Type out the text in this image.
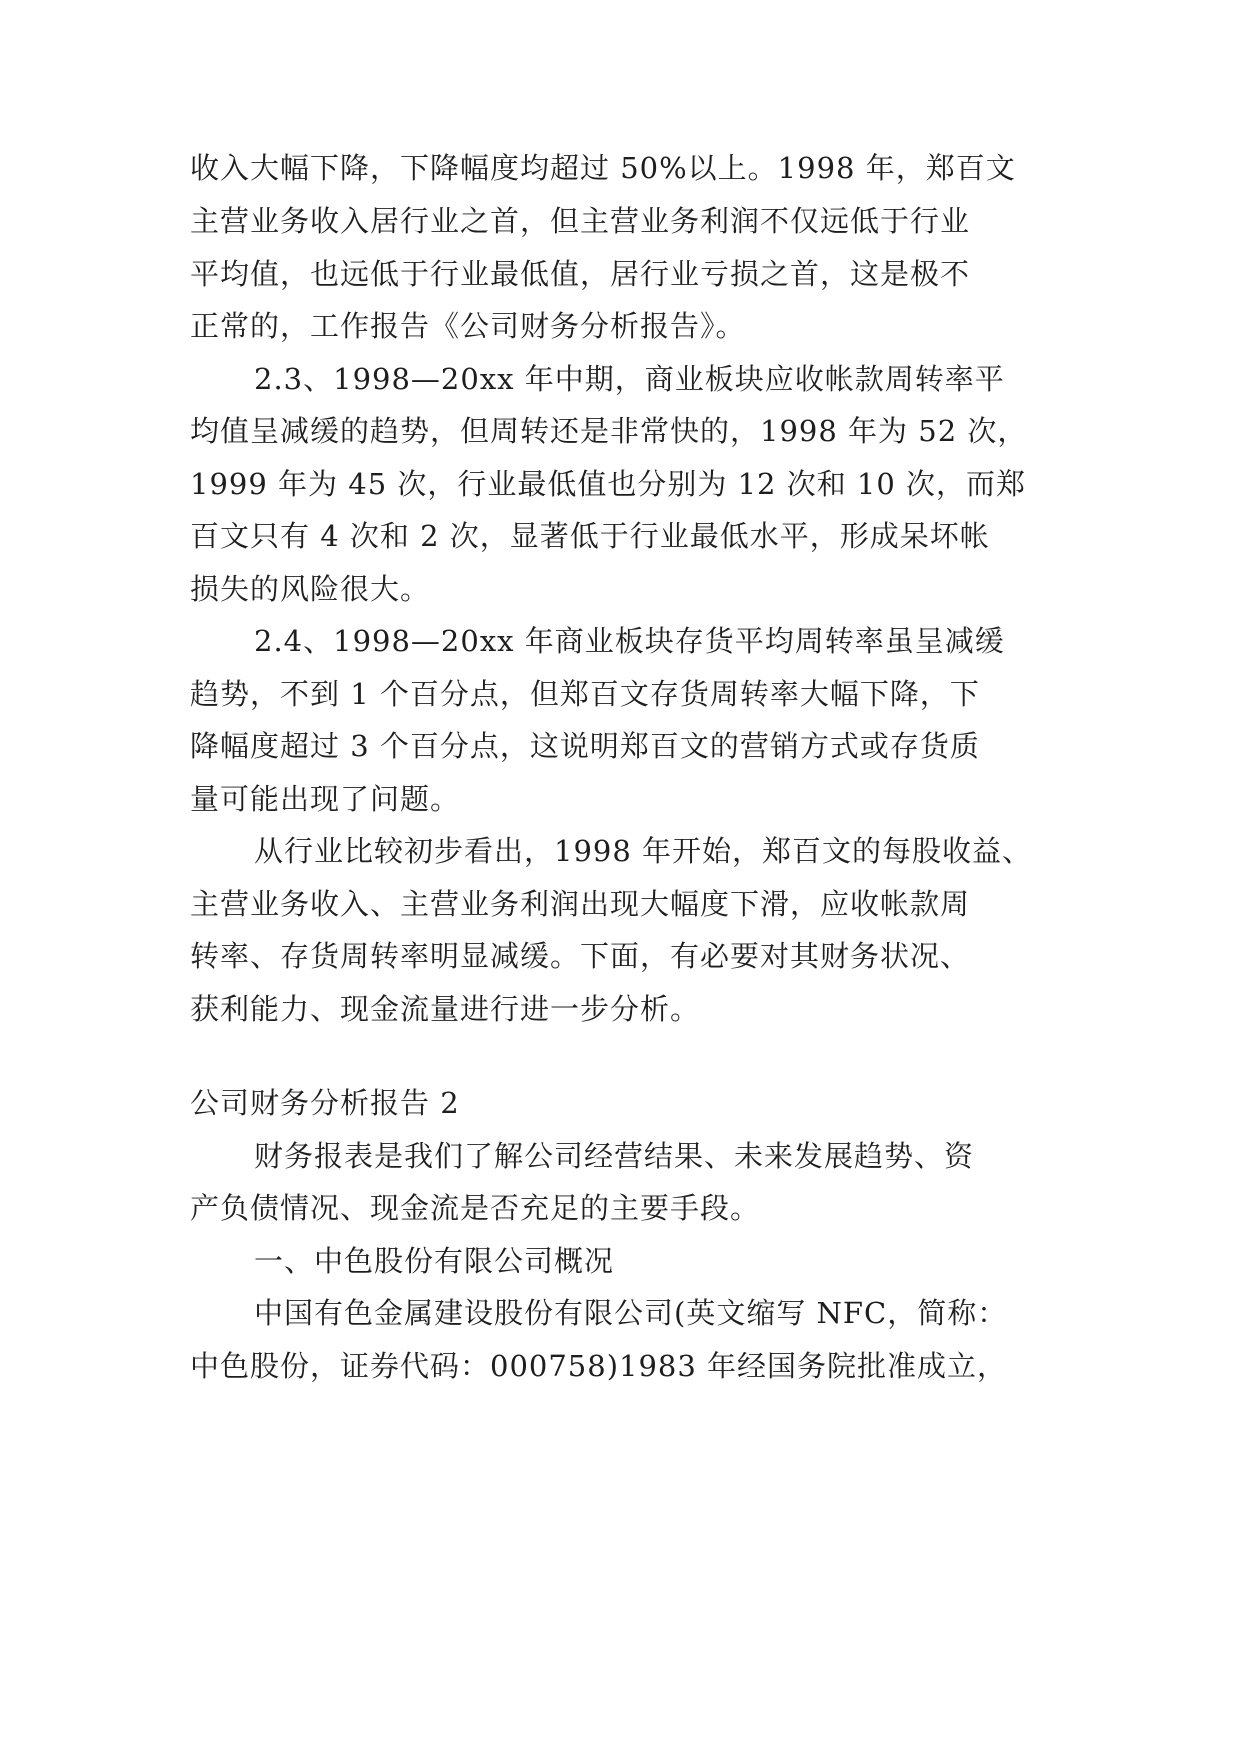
收入大幅下降，下降幅度均超过 50%以上。1998 年，郑百文
主营业务收入居行业之首，但主营业务利润不仅远低于行业
平均值，也远低于行业最低值，居行业亏损之首，这是极不
正常的，工作报告《公司财务分析报告》。
2.3、1998—20xx 年中期，商业板块应收帐款周转率平
均值呈减缓的趋势，但周转还是非常快的，1998 年为 52 次，
1999 年为 45 次，行业最低值也分别为 12 次和 10 次，而郑
百文只有 4 次和 2 次，显著低于行业最低水平，形成呆坏帐
损失的风险很大。
2.4、1998—20xx 年商业板块存货平均周转率虽呈减缓
趋势，不到 1 个百分点，但郑百文存货周转率大幅下降，下
降幅度超过 3 个百分点，这说明郑百文的营销方式或存货质
量可能出现了问题。
从行业比较初步看出，1998 年开始，郑百文的每股收益、
主营业务收入、主营业务利润出现大幅度下滑，应收帐款周
转率、存货周转率明显减缓。下面，有必要对其财务状况、
获利能力、现金流量进行进一步分析。
公司财务分析报告 2
财务报表是我们了解公司经营结果、未来发展趋势、资
产负债情况、现金流是否充足的主要手段。
一、中色股份有限公司概况
中国有色金属建设股份有限公司(英文缩写 NFC，简称：
中色股份，证券代码：000758)1983 年经国务院批准成立，
